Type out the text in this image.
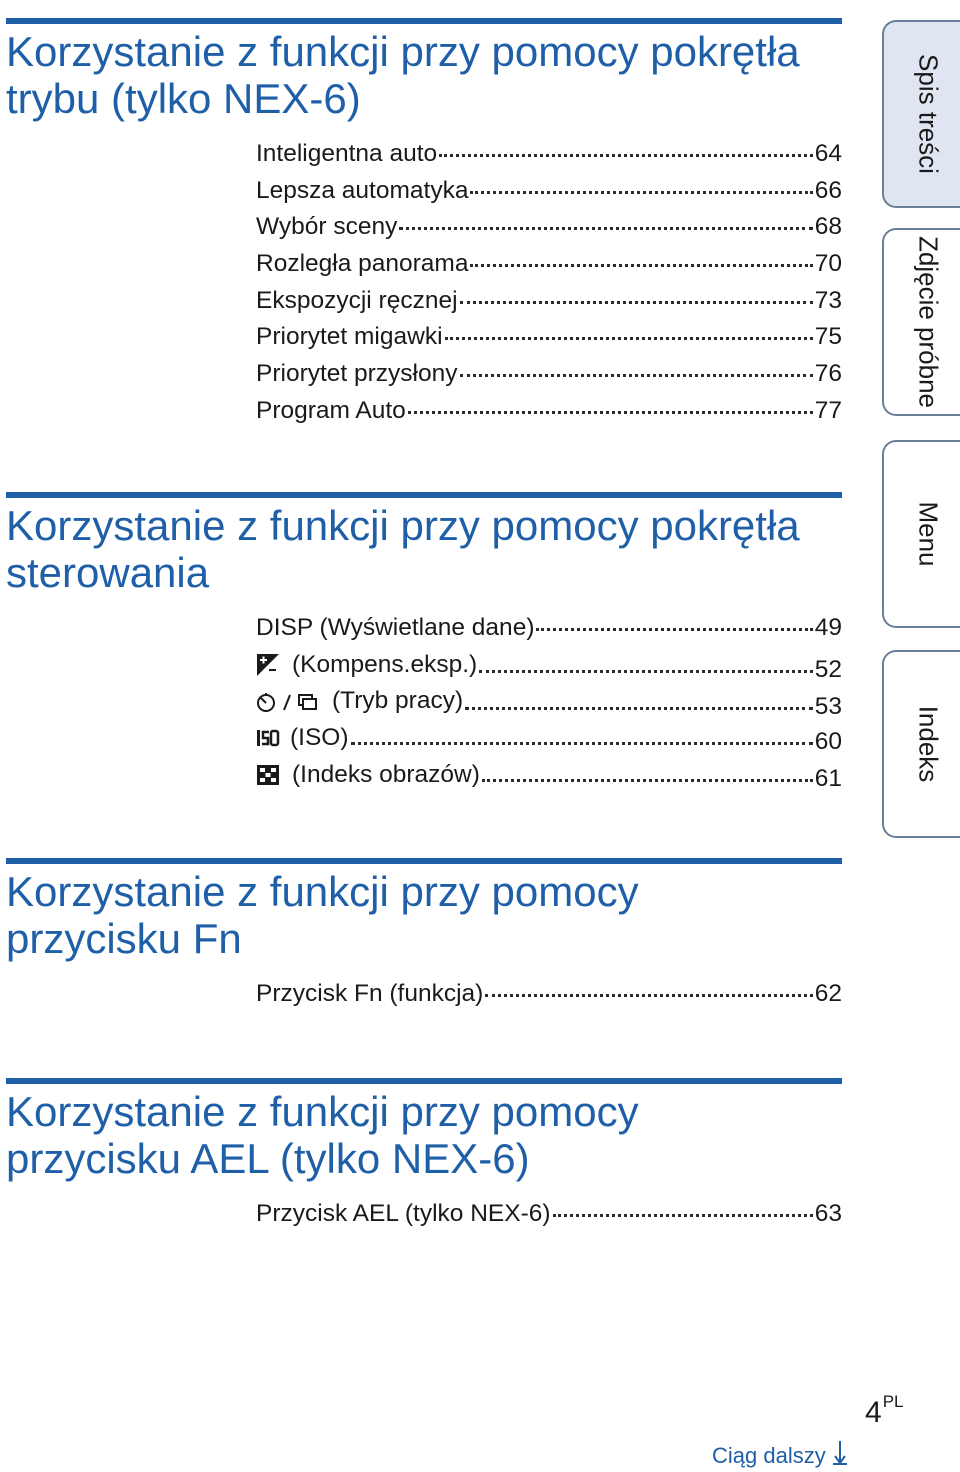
Korzystanie z funkcji przy pomocy pokrętła
trybu (tylko NEX-6)
Inteligentna auto	64
Lepsza automatyka	66
Wybór sceny	68
Rozległa panorama	70
Ekspozycji ręcznej	73
Priorytet migawki	75
Priorytet przysłony	76
Program Auto	77
Korzystanie z funkcji przy pomocy pokrętła
sterowania
DISP (Wyświetlane dane)	49
(Kompens.eksp.)	52
(Tryb pracy)	53
(ISO)	60
(Indeks obrazów)	61
Korzystanie z funkcji przy pomocy
przycisku Fn
Przycisk Fn (funkcja)	62
Korzystanie z funkcji przy pomocy
przycisku AEL (tylko NEX-6)
Przycisk AEL (tylko NEX-6)	63
Spis treści
Zdjęcie próbne
Menu
Indeks
$4^{PL}$
Ciąg dalszy
